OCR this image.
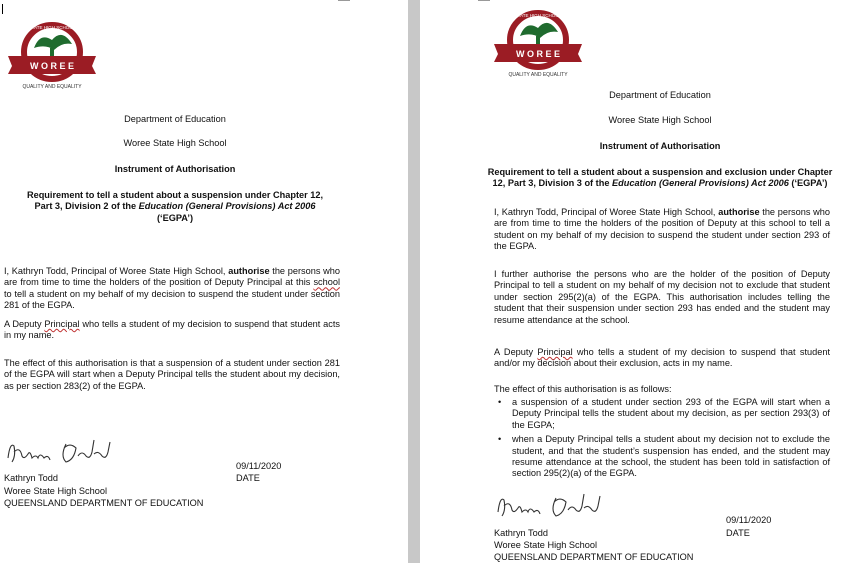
W O R E E
STATE HIGH SCHOOL
QUALITY AND EQUALITY
Department of Education
Woree State High School
Instrument of Authorisation
Requirement to tell a student about a suspension under Chapter 12,
Part 3, Division 2 of the Education (General Provisions) Act 2006
(‘EGPA’)
I, Kathryn Todd, Principal of Woree State High School, authorise the persons who are from time to time the holders of the position of Deputy Principal at this school to tell a student on my behalf of my decision to suspend the student under section 281 of the EGPA.
A Deputy Principal who tells a student of my decision to suspend that student acts in my name.
The effect of this authorisation is that a suspension of a student under section 281 of the EGPA will start when a Deputy Principal tells the student about my decision, as per section 283(2) of the EGPA.
09/11/2020
DATE
Kathryn Todd
Woree State High School
QUEENSLAND DEPARTMENT OF EDUCATION
W O R E E
STATE HIGH SCHOOL
QUALITY AND EQUALITY
Department of Education
Woree State High School
Instrument of Authorisation
Requirement to tell a student about a suspension and exclusion under Chapter
12, Part 3, Division 3 of the Education (General Provisions) Act 2006 (‘EGPA’)
I, Kathryn Todd, Principal of Woree State High School, authorise the persons who are from time to time the holders of the position of Deputy at this school to tell a student on my behalf of my decision to suspend the student under section 293 of the EGPA.
I further authorise the persons who are the holder of the position of Deputy Principal to tell a student on my behalf of my decision not to exclude that student under section 295(2)(a) of the EGPA. This authorisation includes telling the student that their suspension under section 293 has ended and the student may resume attendance at the school.
A Deputy Principal who tells a student of my decision to suspend that student and/or my decision about their exclusion, acts in my name.
The effect of this authorisation is as follows:
• a suspension of a student under section 293 of the EGPA will start when a Deputy Principal tells the student about my decision, as per section 293(3) of the EGPA;
• when a Deputy Principal tells a student about my decision not to exclude the student, and that the student’s suspension has ended, and the student may resume attendance at the school, the student has been told in satisfaction of section 295(2)(a) of the EGPA.
09/11/2020
DATE
Kathryn Todd
Woree State High School
QUEENSLAND DEPARTMENT OF EDUCATION
